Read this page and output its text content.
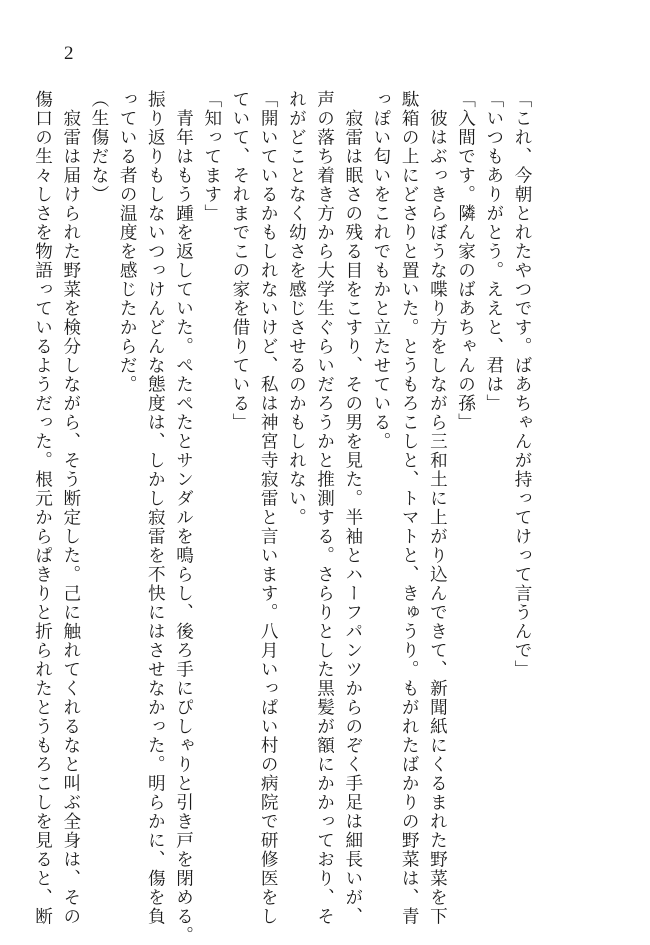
2

「これ、今朝とれたやつです。ばあちゃんが持ってけって言うんで」

「いつもありがとう。ええと、君は」

「入間です。隣ん家のばあちゃんの孫」

　彼はぶっきらぼうな喋り方をしながら三和土に上がり込んできて、新聞紙にくるまれた野菜を下

駄箱の上にどさりと置いた。とうもろこしと、トマトと、きゅうり。もがれたばかりの野菜は、青

っぽい匂いをこれでもかと立たせている。

　寂雷は眠さの残る目をこすり、その男を見た。半袖とハーフパンツからのぞく手足は細長いが、

声の落ち着き方から大学生ぐらいだろうかと推測する。さらりとした黒髪が額にかかっており、そ

れがどことなく幼さを感じさせるのかもしれない。

「開いているかもしれないけど、私は神宮寺寂雷と言います。八月いっぱい村の病院で研修医をし

ていて、それまでこの家を借りている」

「知ってます」

　青年はもう踵を返していた。ぺたぺたとサンダルを鳴らし、後ろ手にぴしゃりと引き戸を閉める。

振り返りもしないつっけんどんな態度は、しかし寂雷を不快にはさせなかった。明らかに、傷を負

っている者の温度を感じたからだ。

（生傷だな）

　寂雷は届けられた野菜を検分しながら、そう断定した。己に触れてくれるなと叫ぶ全身は、その

傷口の生々しさを物語っているようだった。根元からぱきりと折られたとうもろこしを見ると、断
